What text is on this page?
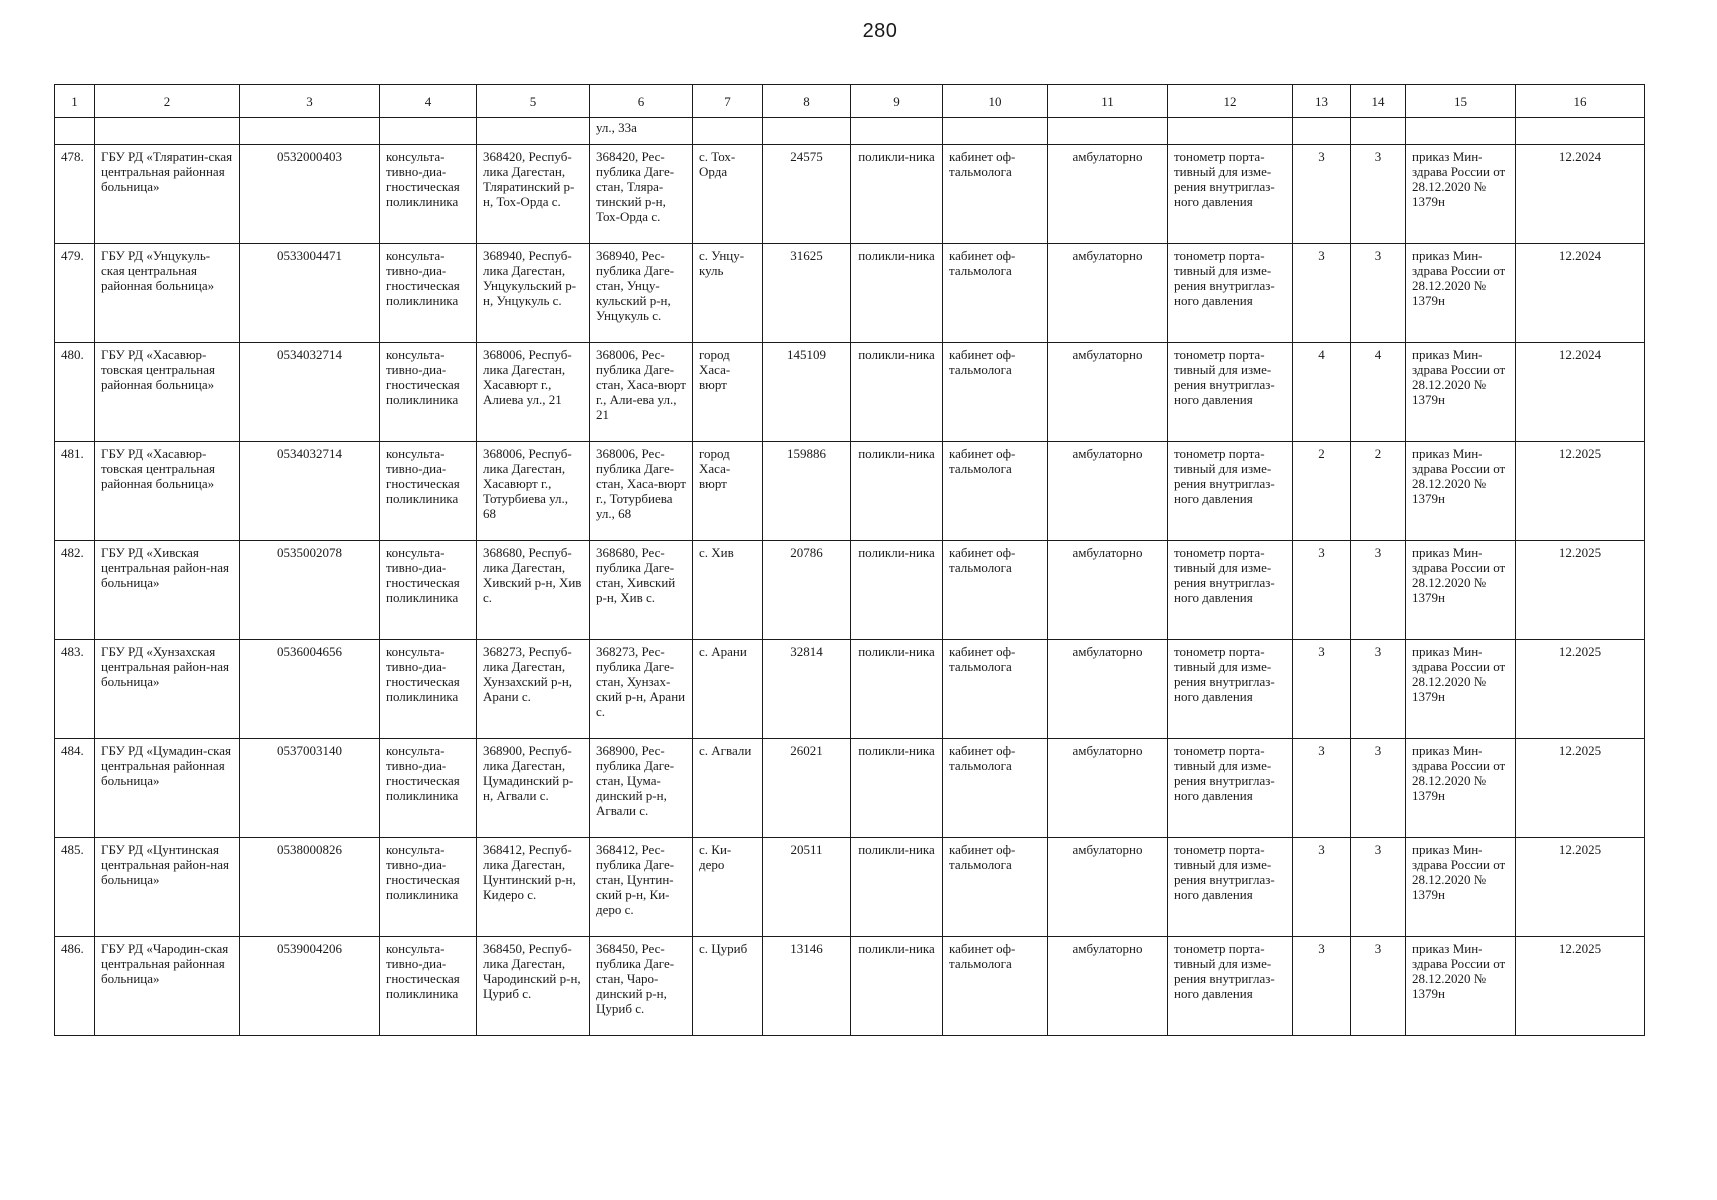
280
1	2	3	4	5	6	7	8	9	10	11	12	13	14	15	16
					ул., 33а										
478.	ГБУ РД «Тляратин-ская центральная районная больница»	0532000403	консульта-тивно-диа-гностическая поликлиника	368420, Респуб-лика Дагестан, Тляратинский р-н, Тох-Орда с.	368420, Рес-публика Даге-стан, Тляра-тинский р-н, Тох-Орда с.	с. Тох-Орда	24575	поликли-ника	кабинет оф-тальмолога	амбулаторно	тонометр порта-тивный для изме-рения внутриглаз-ного давления	3	3	приказ Мин-здрава России от 28.12.2020 № 1379н	12.2024
479.	ГБУ РД «Унцукуль-ская центральная районная больница»	0533004471	консульта-тивно-диа-гностическая поликлиника	368940, Респуб-лика Дагестан, Унцукульский р-н, Унцукуль с.	368940, Рес-публика Даге-стан, Унцу-кульский р-н, Унцукуль с.	с. Унцу-куль	31625	поликли-ника	кабинет оф-тальмолога	амбулаторно	тонометр порта-тивный для изме-рения внутриглаз-ного давления	3	3	приказ Мин-здрава России от 28.12.2020 № 1379н	12.2024
480.	ГБУ РД «Хасавюр-товская центральная районная больница»	0534032714	консульта-тивно-диа-гностическая поликлиника	368006, Респуб-лика Дагестан, Хасавюрт г., Алиева ул., 21	368006, Рес-публика Даге-стан, Хаса-вюрт г., Али-ева ул., 21	город Хаса-вюрт	145109	поликли-ника	кабинет оф-тальмолога	амбулаторно	тонометр порта-тивный для изме-рения внутриглаз-ного давления	4	4	приказ Мин-здрава России от 28.12.2020 № 1379н	12.2024
481.	ГБУ РД «Хасавюр-товская центральная районная больница»	0534032714	консульта-тивно-диа-гностическая поликлиника	368006, Респуб-лика Дагестан, Хасавюрт г., Тотурбиева ул., 68	368006, Рес-публика Даге-стан, Хаса-вюрт г., Тотурбиева ул., 68	город Хаса-вюрт	159886	поликли-ника	кабинет оф-тальмолога	амбулаторно	тонометр порта-тивный для изме-рения внутриглаз-ного давления	2	2	приказ Мин-здрава России от 28.12.2020 № 1379н	12.2025
482.	ГБУ РД «Хивская центральная район-ная больница»	0535002078	консульта-тивно-диа-гностическая поликлиника	368680, Респуб-лика Дагестан, Хивский р-н, Хив с.	368680, Рес-публика Даге-стан, Хивский р-н, Хив с.	с. Хив	20786	поликли-ника	кабинет оф-тальмолога	амбулаторно	тонометр порта-тивный для изме-рения внутриглаз-ного давления	3	3	приказ Мин-здрава России от 28.12.2020 № 1379н	12.2025
483.	ГБУ РД «Хунзахская центральная район-ная больница»	0536004656	консульта-тивно-диа-гностическая поликлиника	368273, Респуб-лика Дагестан, Хунзахский р-н, Арани с.	368273, Рес-публика Даге-стан, Хунзах-ский р-н, Арани с.	с. Арани	32814	поликли-ника	кабинет оф-тальмолога	амбулаторно	тонометр порта-тивный для изме-рения внутриглаз-ного давления	3	3	приказ Мин-здрава России от 28.12.2020 № 1379н	12.2025
484.	ГБУ РД «Цумадин-ская центральная районная больница»	0537003140	консульта-тивно-диа-гностическая поликлиника	368900, Респуб-лика Дагестан, Цумадинский р-н, Агвали с.	368900, Рес-публика Даге-стан, Цума-динский р-н, Агвали с.	с. Агвали	26021	поликли-ника	кабинет оф-тальмолога	амбулаторно	тонометр порта-тивный для изме-рения внутриглаз-ного давления	3	3	приказ Мин-здрава России от 28.12.2020 № 1379н	12.2025
485.	ГБУ РД «Цунтинская центральная район-ная больница»	0538000826	консульта-тивно-диа-гностическая поликлиника	368412, Респуб-лика Дагестан, Цунтинский р-н, Кидеро с.	368412, Рес-публика Даге-стан, Цунтин-ский р-н, Ки-деро с.	с. Ки-деро	20511	поликли-ника	кабинет оф-тальмолога	амбулаторно	тонометр порта-тивный для изме-рения внутриглаз-ного давления	3	3	приказ Мин-здрава России от 28.12.2020 № 1379н	12.2025
486.	ГБУ РД «Чародин-ская центральная районная больница»	0539004206	консульта-тивно-диа-гностическая поликлиника	368450, Респуб-лика Дагестан, Чародинский р-н, Цуриб с.	368450, Рес-публика Даге-стан, Чаро-динский р-н, Цуриб с.	с. Цуриб	13146	поликли-ника	кабинет оф-тальмолога	амбулаторно	тонометр порта-тивный для изме-рения внутриглаз-ного давления	3	3	приказ Мин-здрава России от 28.12.2020 № 1379н	12.2025
